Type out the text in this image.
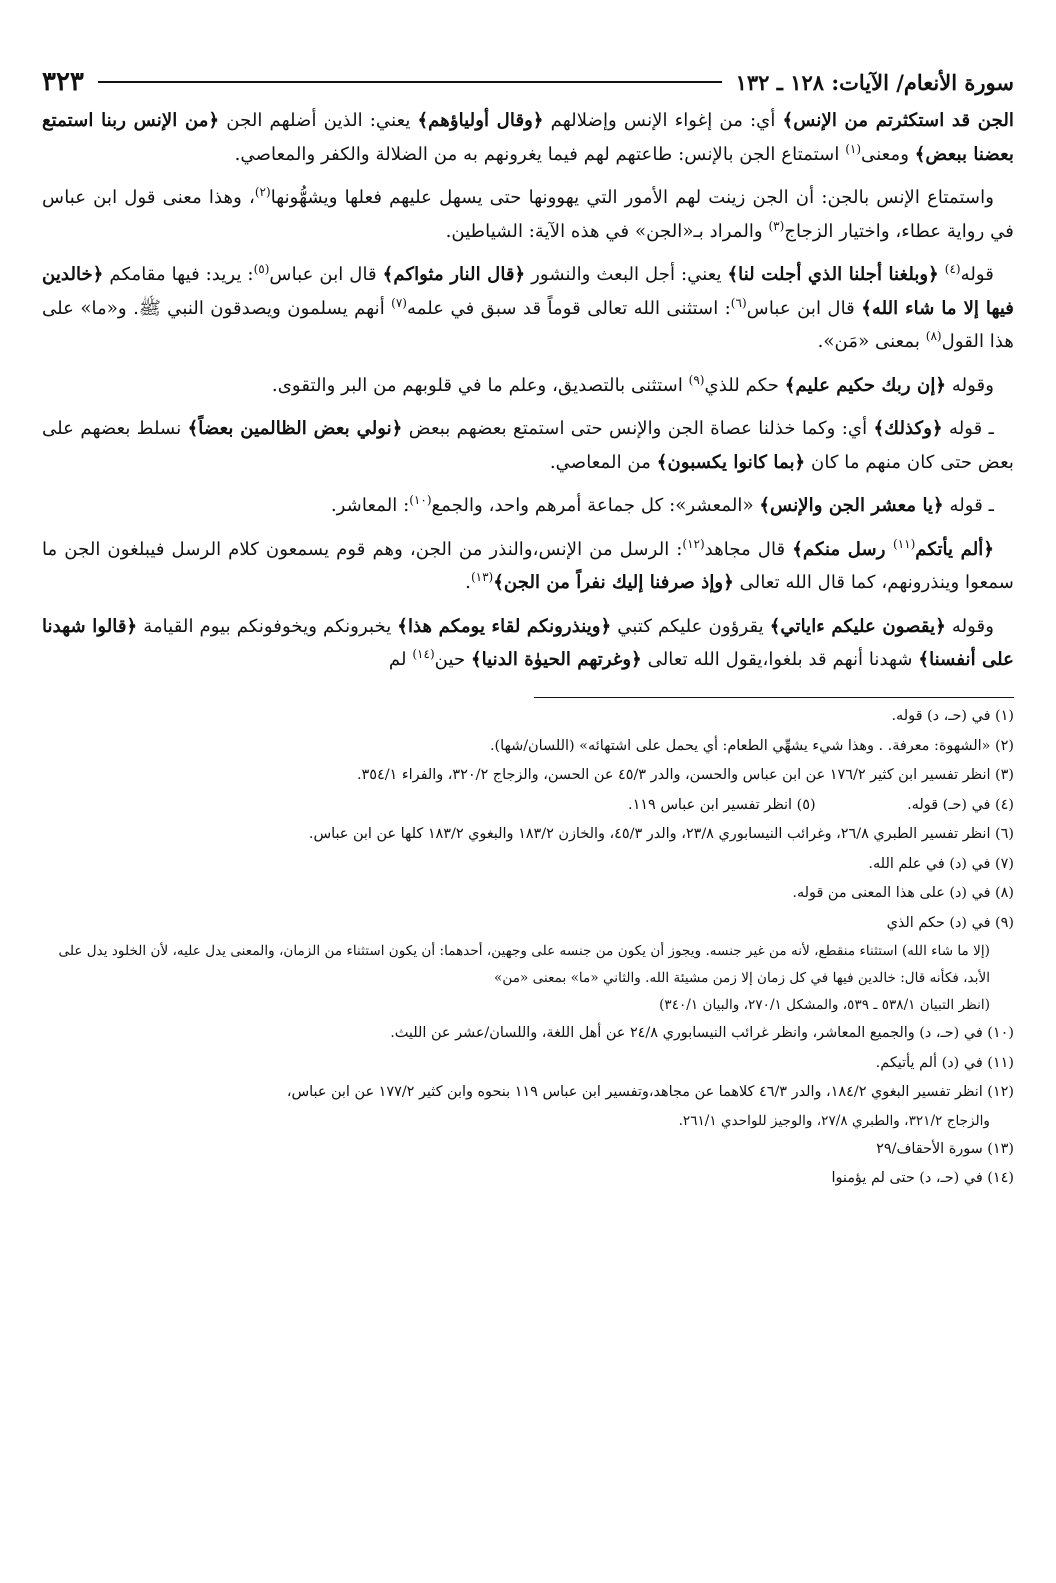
سورة الأنعام/ الآيات: ١٢٨ ـ ١٣٢
٣٢٣

الجن قد استكثرتم من الإنس﴾ أي: من إغواء الإنس وإضلالهم ﴿وقال أولياؤهم﴾ يعني: الذين أضلهم الجن ﴿من الإنس ربنا استمتع بعضنا ببعض﴾ ومعنى$^{(١)}$ استمتاع الجن بالإنس: طاعتهم لهم فيما يغرونهم به من الضلالة والكفر والمعاصي.

واستمتاع الإنس بالجن: أن الجن زينت لهم الأمور التي يهوونها حتى يسهل عليهم فعلها ويشهُّونها$^{(٢)}$، وهذا معنى قول ابن عباس في رواية عطاء، واختيار الزجاج$^{(٣)}$ والمراد بـ«الجن» في هذه الآية: الشياطين.

قوله$^{(٤)}$ ﴿وبلغنا أجلنا الذي أجلت لنا﴾ يعني: أجل البعث والنشور ﴿قال النار مثواكم﴾ قال ابن عباس$^{(٥)}$: يريد: فيها مقامكم ﴿خالدين فيها إلا ما شاء الله﴾ قال ابن عباس$^{(٦)}$: استثنى الله تعالى قوماً قد سبق في علمه$^{(٧)}$ أنهم يسلمون ويصدقون النبي ﷺ. و«ما» على هذا القول$^{(٨)}$ بمعنى «مَن».

وقوله ﴿إن ربك حكيم عليم﴾ حكم للذي$^{(٩)}$ استثنى بالتصديق، وعلم ما في قلوبهم من البر والتقوى.

ـ قوله ﴿وكذلك﴾ أي: وكما خذلنا عصاة الجن والإنس حتى استمتع بعضهم ببعض ﴿نولي بعض الظالمين بعضاً﴾ نسلط بعضهم على بعض حتى كان منهم ما كان ﴿بما كانوا يكسبون﴾ من المعاصي.

ـ قوله ﴿يا معشر الجن والإنس﴾ «المعشر»: كل جماعة أمرهم واحد، والجمع$^{(١٠)}$: المعاشر.

﴿ألم يأتكم$^{(١١)}$ رسل منكم﴾ قال مجاهد$^{(١٢)}$: الرسل من الإنس،والنذر من الجن، وهم قوم يسمعون كلام الرسل فيبلغون الجن ما سمعوا وينذرونهم، كما قال الله تعالى ﴿وإذ صرفنا إليك نفراً من الجن﴾$^{(١٣)}$.

وقوله ﴿يقصون عليكم ءاياتي﴾ يقرؤون عليكم كتبي ﴿وينذرونكم لقاء يومكم هذا﴾ يخبرونكم ويخوفونكم بيوم القيامة ﴿قالوا شهدنا على أنفسنا﴾ شهدنا أنهم قد بلغوا،يقول الله تعالى ﴿وغرتهم الحيوٰة الدنيا﴾ حين$^{(١٤)}$ لم

(١) في (حـ، د) قوله.
(٢) «الشهوة: معرفة. . وهذا شيء يشهِّي الطعام: أي يحمل على اشتهائه» (اللسان/شها).
(٣) انظر تفسير ابن كثير ١٧٦/٢ عن ابن عباس والحسن، والدر ٤٥/٣ عن الحسن، والزجاج ٣٢٠/٢، والفراء ٣٥٤/١.
(٤) في (حـ) قوله.                    (٥) انظر تفسير ابن عباس ١١٩.
(٦) انظر تفسير الطبري ٢٦/٨، وغرائب النيسابوري ٢٣/٨، والدر ٤٥/٣، والخازن ١٨٣/٢ والبغوي ١٨٣/٢ كلها عن ابن عباس.
(٧) في (د) في علم الله.
(٨) في (د) على هذا المعنى من قوله.
(٩) في (د) حكم الذي
(إلا ما شاء الله) استثناء منقطع، لأنه من غير جنسه. ويجوز أن يكون من جنسه على وجهين، أحدهما: أن يكون استثناء من الزمان، والمعنى يدل عليه، لأن الخلود يدل على الأبد، فكأنه قال: خالدين فيها في كل زمان إلا زمن مشيئة الله. والثاني «ما» بمعنى «من»
(انظر التبيان ٥٣٨/١ ـ ٥٣٩، والمشكل ٢٧٠/١، والبيان ٣٤٠/١)
(١٠) في (حـ، د) والجميع المعاشر، وانظر غرائب النيسابوري ٢٤/٨ عن أهل اللغة، واللسان/عشر عن الليث.
(١١) في (د) ألم يأتيكم.
(١٢) انظر تفسير البغوي ١٨٤/٢، والدر ٤٦/٣ كلاهما عن مجاهد،وتفسير ابن عباس ١١٩ بنحوه وابن كثير ١٧٧/٢ عن ابن عباس،
والزجاج ٣٢١/٢، والطبري ٢٧/٨، والوجيز للواحدي ٢٦١/١.
(١٣) سورة الأحقاف/٢٩
(١٤) في (حـ، د) حتى لم يؤمنوا
